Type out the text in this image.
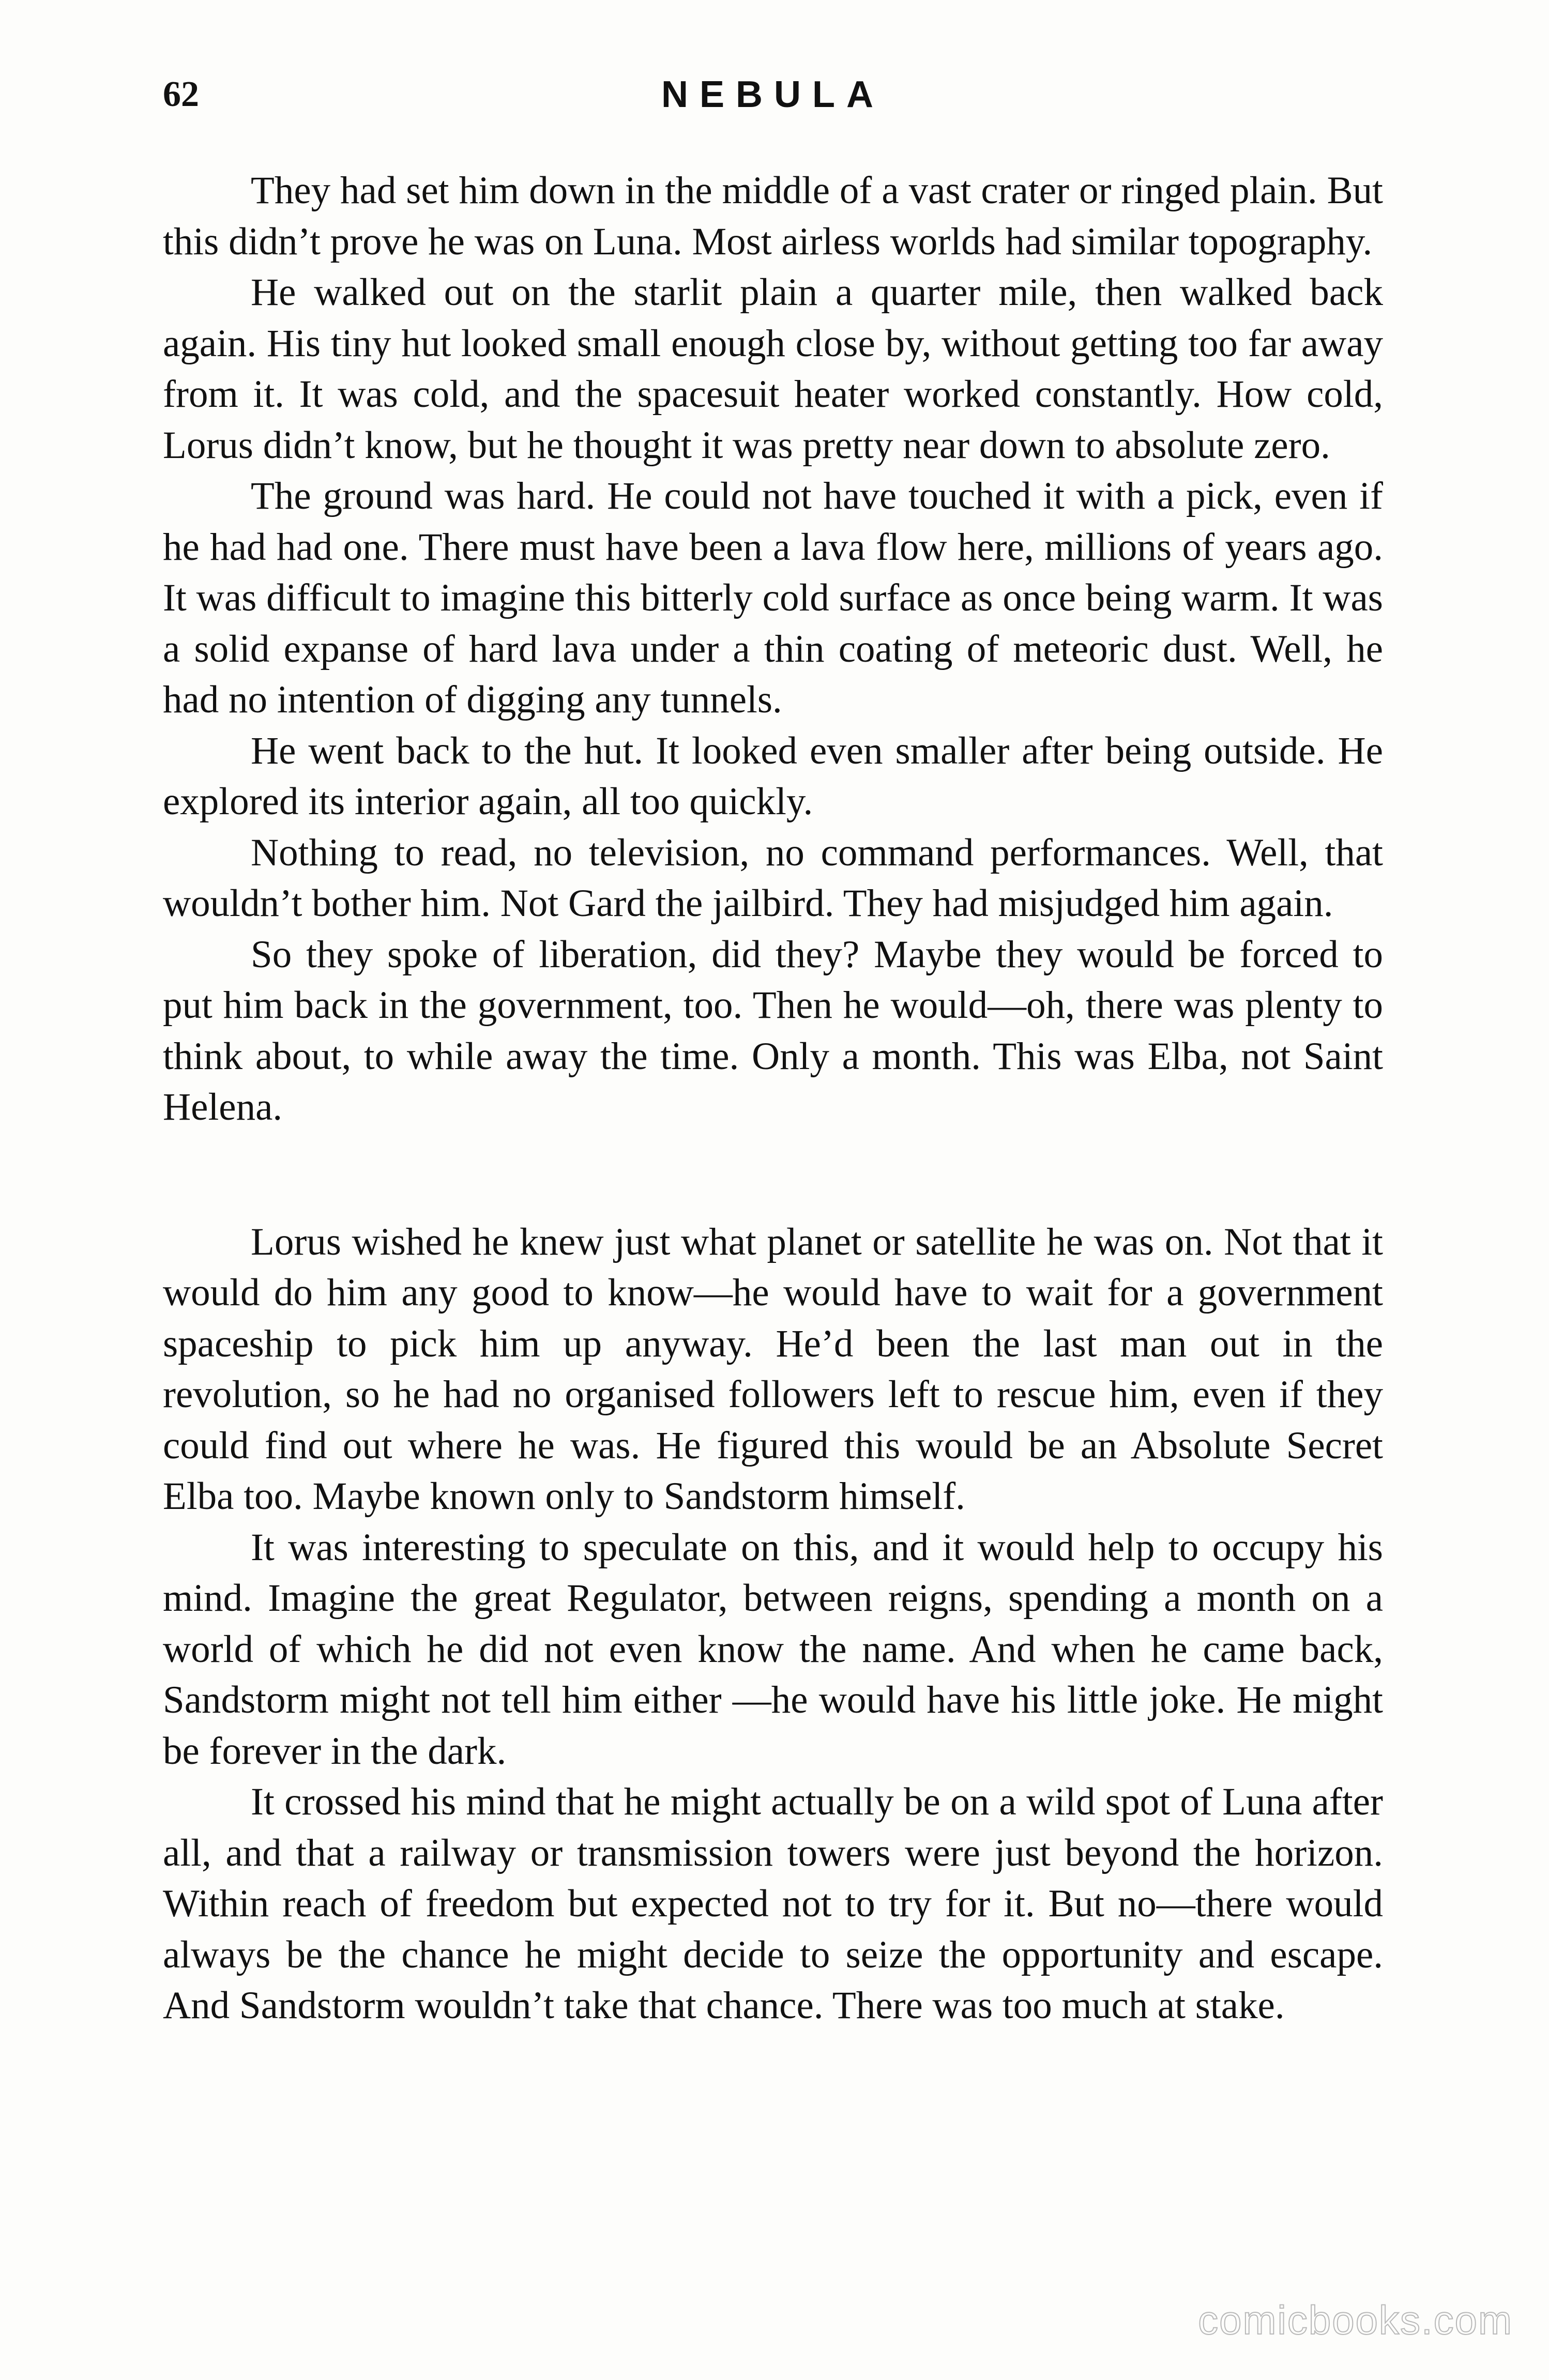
62	NEBULA

They had set him down in the middle of a vast crater or ringed plain. But this didn’t prove he was on Luna. Most airless worlds had similar topography.

He walked out on the starlit plain a quarter mile, then walked back again. His tiny hut looked small enough close by, without getting too far away from it. It was cold, and the spacesuit heater worked constantly. How cold, Lorus didn’t know, but he thought it was pretty near down to absolute zero.

The ground was hard. He could not have touched it with a pick, even if he had had one. There must have been a lava flow here, millions of years ago. It was difficult to imagine this bitterly cold surface as once being warm. It was a solid expanse of hard lava under a thin coating of meteoric dust. Well, he had no intention of digging any tunnels.

He went back to the hut. It looked even smaller after being outside. He explored its interior again, all too quickly.

Nothing to read, no television, no command performances. Well, that wouldn’t bother him. Not Gard the jailbird. They had misjudged him again.

So they spoke of liberation, did they? Maybe they would be forced to put him back in the government, too. Then he would—oh, there was plenty to think about, to while away the time. Only a month. This was Elba, not Saint Helena.

Lorus wished he knew just what planet or satellite he was on. Not that it would do him any good to know—he would have to wait for a government spaceship to pick him up anyway. He’d been the last man out in the revolution, so he had no organised followers left to rescue him, even if they could find out where he was. He figured this would be an Absolute Secret Elba too. Maybe known only to Sandstorm himself.

It was interesting to speculate on this, and it would help to occupy his mind. Imagine the great Regulator, between reigns, spending a month on a world of which he did not even know the name. And when he came back, Sandstorm might not tell him either —he would have his little joke. He might be forever in the dark.

It crossed his mind that he might actually be on a wild spot of Luna after all, and that a railway or transmission towers were just beyond the horizon. Within reach of freedom but expected not to try for it. But no—there would always be the chance he might decide to seize the opportunity and escape. And Sandstorm wouldn’t take that chance. There was too much at stake.

comicbooks.com
